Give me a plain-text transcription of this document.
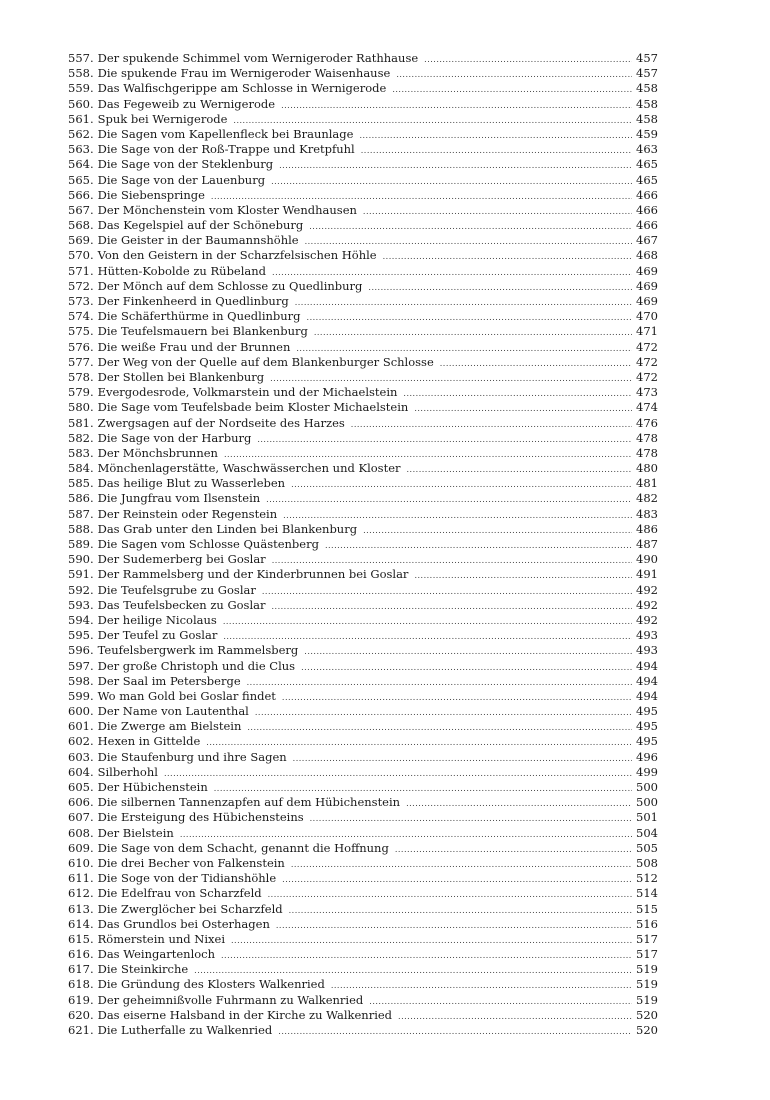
557. Der spukende Schimmel vom Wernigeroder Rathhause .....	457
558. Die spukende Frau im Wernigeroder Waisenhause .....	457
559. Das Walfischgerippe am Schlosse in Wernigerode .....	458
560. Das Fegeweib zu Wernigerode .....	458
561. Spuk bei Wernigerode .....	458
562. Die Sagen vom Kapellenfleck bei Braunlage .....	459
563. Die Sage von der Roß-Trappe und Kretpfuhl .....	463
564. Die Sage von der Steklenburg .....	465
565. Die Sage von der Lauenburg .....	465
566. Die Siebenspringe .....	466
567. Der Mönchenstein vom Kloster Wendhausen .....	466
568. Das Kegelspiel auf der Schöneburg .....	466
569. Die Geister in der Baumannshöhle .....	467
570. Von den Geistern in der Scharzfelsischen Höhle .....	468
571. Hütten-Kobolde zu Rübeland .....	469
572. Der Mönch auf dem Schlosse zu Quedlinburg .....	469
573. Der Finkenheerd in Quedlinburg .....	469
574. Die Schäferthürme in Quedlinburg .....	470
575. Die Teufelsmauern bei Blankenburg .....	471
576. Die weiße Frau und der Brunnen .....	472
577. Der Weg von der Quelle auf dem Blankenburger Schlosse .....	472
578. Der Stollen bei Blankenburg .....	472
579. Evergodesrode, Volkmarstein und der Michaelstein .....	473
580. Die Sage vom Teufelsbade beim Kloster Michaelstein .....	474
581. Zwergsagen auf der Nordseite des Harzes .....	476
582. Die Sage von der Harburg .....	478
583. Der Mönchsbrunnen .....	478
584. Mönchenlagerstätte, Waschwässerchen und Kloster .....	480
585. Das heilige Blut zu Wasserleben .....	481
586. Die Jungfrau vom Ilsenstein .....	482
587. Der Reinstein oder Regenstein .....	483
588. Das Grab unter den Linden bei Blankenburg .....	486
589. Die Sagen vom Schlosse Quästenberg .....	487
590. Der Sudemerberg bei Goslar .....	490
591. Der Rammelsberg und der Kinderbrunnen bei Goslar .....	491
592. Die Teufelsgrube zu Goslar .....	492
593. Das Teufelsbecken zu Goslar .....	492
594. Der heilige Nicolaus .....	492
595. Der Teufel zu Goslar .....	493
596. Teufelsbergwerk im Rammelsberg .....	493
597. Der große Christoph und die Clus .....	494
598. Der Saal im Petersberge .....	494
599. Wo man Gold bei Goslar findet .....	494
600. Der Name von Lautenthal .....	495
601. Die Zwerge am Bielstein .....	495
602. Hexen in Gittelde .....	495
603. Die Staufenburg und ihre Sagen .....	496
604. Silberhohl .....	499
605. Der Hübichenstein .....	500
606. Die silbernen Tannenzapfen auf dem Hübichenstein .....	500
607. Die Ersteigung des Hübichensteins .....	501
608. Der Bielstein .....	504
609. Die Sage von dem Schacht, genannt die Hoffnung .....	505
610. Die drei Becher von Falkenstein .....	508
611. Die Soge von der Tidianshöhle .....	512
612. Die Edelfrau von Scharzfeld .....	514
613. Die Zwerglöcher bei Scharzfeld .....	515
614. Das Grundlos bei Osterhagen .....	516
615. Römerstein und Nixei .....	517
616. Das Weingartenloch .....	517
617. Die Steinkirche .....	519
618. Die Gründung des Klosters Walkenried .....	519
619. Der geheimnißvolle Fuhrmann zu Walkenried .....	519
620. Das eiserne Halsband in der Kirche zu Walkenried .....	520
621. Die Lutherfalle zu Walkenried .....	520
